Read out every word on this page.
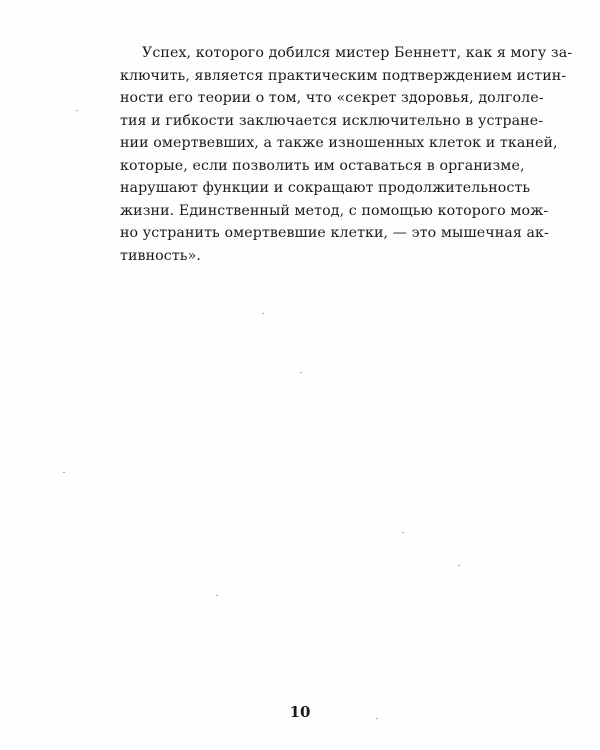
Успех, которого добился мистер Беннетт, как я могу за-
ключить, является практическим подтверждением истин-
ности его теории о том, что «секрет здоровья, долголе-
тия и гибкости заключается исключительно в устране-
нии омертвевших, а также изношенных клеток и тканей,
которые, если позволить им оставаться в организме,
нарушают функции и сокращают продолжительность
жизни. Единственный метод, с помощью которого мож-
но устранить омертвевшие клетки, — это мышечная ак-
тивность».
10
